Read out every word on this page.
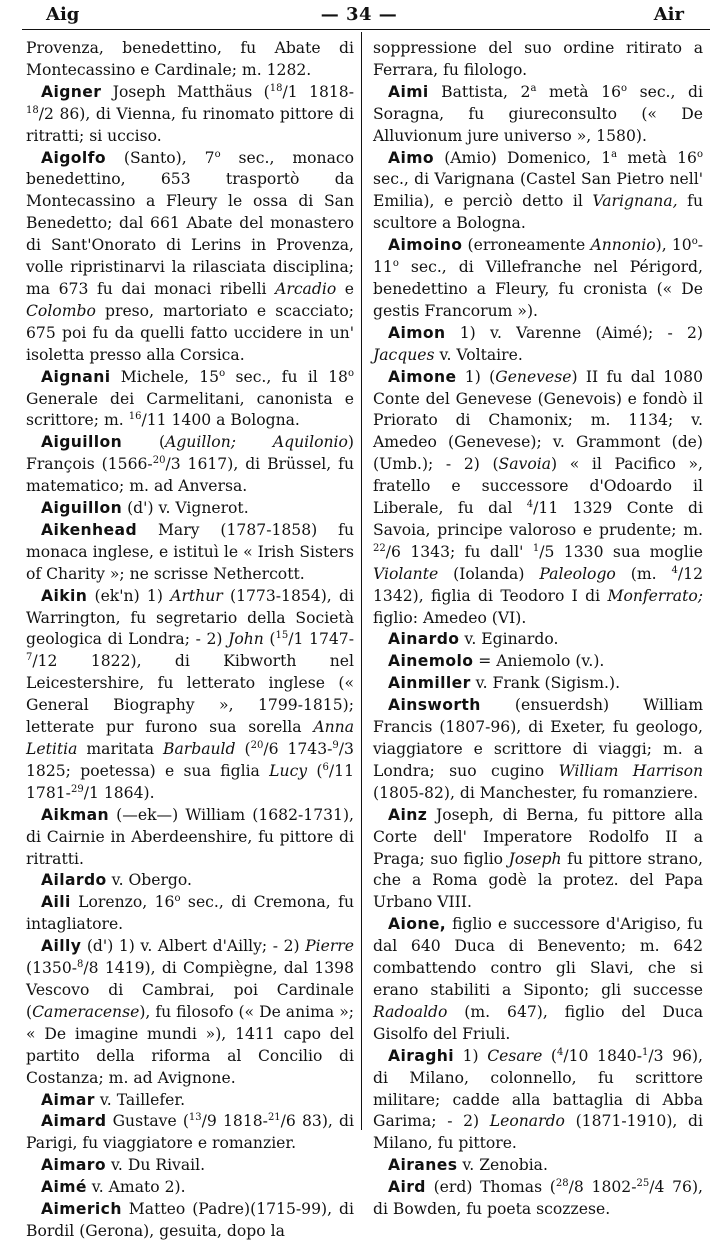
Aig	— 34 —	Air

Provenza, benedettino, fu Abate di Montecassino e Cardinale; m. 1282.

Aigner Joseph Matthäus ($^{18}$/1 1818-$^{18}$/2 86), di Vienna, fu rinomato pittore di ritratti; si ucciso.

Aigolfo (Santo), 7$^o$ sec., monaco benedettino, 653 trasportò da Montecassino a Fleury le ossa di San Benedetto; dal 661 Abate del monastero di Sant'Onorato di Lerins in Provenza, volle ripristinarvi la rilasciata disciplina; ma 673 fu dai monaci ribelli Arcadio e Colombo preso, martoriato e scacciato; 675 poi fu da quelli fatto uccidere in un' isoletta presso alla Corsica.

Aignani Michele, 15$^o$ sec., fu il 18$^o$ Generale dei Carmelitani, canonista e scrittore; m. $^{16}$/11 1400 a Bologna.

Aiguillon (Aguillon; Aquilonio) François (1566-$^{20}$/3 1617), di Brüssel, fu matematico; m. ad Anversa.

Aiguillon (d') v. Vignerot.

Aikenhead Mary (1787-1858) fu monaca inglese, e istituì le « Irish Sisters of Charity »; ne scrisse Nethercott.

Aikin (ek'n) 1) Arthur (1773-1854), di Warrington, fu segretario della Società geologica di Londra; - 2) John ($^{15}$/1 1747-$^7$/12 1822), di Kibworth nel Leicestershire, fu letterato inglese (« General Biography », 1799-1815); letterate pur furono sua sorella Anna Letitia maritata Barbauld ($^{20}$/6 1743-$^9$/3 1825; poetessa) e sua figlia Lucy ($^6$/11 1781-$^{29}$/1 1864).

Aikman (—ek—) William (1682-1731), di Cairnie in Aberdeenshire, fu pittore di ritratti.

Ailardo v. Obergo.

Aili Lorenzo, 16$^o$ sec., di Cremona, fu intagliatore.

Ailly (d') 1) v. Albert d'Ailly; - 2) Pierre (1350-$^8$/8 1419), di Compiègne, dal 1398 Vescovo di Cambrai, poi Cardinale (Cameracense), fu filosofo (« De anima »; « De imagine mundi »), 1411 capo del partito della riforma al Concilio di Costanza; m. ad Avignone.

Aimar v. Taillefer.

Aimard Gustave ($^{13}$/9 1818-$^{21}$/6 83), di Parigi, fu viaggiatore e romanzier.

Aimaro v. Du Rivail.

Aimé v. Amato 2).

Aimerich Matteo (Padre)(1715-99), di Bordil (Gerona), gesuita, dopo la

soppressione del suo ordine ritirato a Ferrara, fu filologo.

Aimi Battista, 2$^a$ metà 16$^o$ sec., di Soragna, fu giureconsulto (« De Alluvionum jure universo », 1580).

Aimo (Amio) Domenico, 1$^a$ metà 16$^o$ sec., di Varignana (Castel San Pietro nell' Emilia), e perciò detto il Varignana, fu scultore a Bologna.

Aimoino (erroneamente Annonio), 10$^o$-11$^o$ sec., di Villefranche nel Périgord, benedettino a Fleury, fu cronista (« De gestis Francorum »).

Aimon 1) v. Varenne (Aimé); - 2) Jacques v. Voltaire.

Aimone 1) (Genevese) II fu dal 1080 Conte del Genevese (Genevois) e fondò il Priorato di Chamonix; m. 1134; v. Amedeo (Genevese); v. Grammont (de) (Umb.); - 2) (Savoia) « il Pacifico », fratello e successore d'Odoardo il Liberale, fu dal $^4$/11 1329 Conte di Savoia, principe valoroso e prudente; m. $^{22}$/6 1343; fu dall' $^1$/5 1330 sua moglie Violante (Iolanda) Paleologo (m. $^4$/12 1342), figlia di Teodoro I di Monferrato; figlio: Amedeo (VI).

Ainardo v. Eginardo.

Ainemolo = Aniemolo (v.).

Ainmiller v. Frank (Sigism.).

Ainsworth (ensuerdsh) William Francis (1807-96), di Exeter, fu geologo, viaggiatore e scrittore di viaggi; m. a Londra; suo cugino William Harrison (1805-82), di Manchester, fu romanziere.

Ainz Joseph, di Berna, fu pittore alla Corte dell' Imperatore Rodolfo II a Praga; suo figlio Joseph fu pittore strano, che a Roma godè la protez. del Papa Urbano VIII.

Aione, figlio e successore d'Arigiso, fu dal 640 Duca di Benevento; m. 642 combattendo contro gli Slavi, che si erano stabiliti a Siponto; gli successe Radoaldo (m. 647), figlio del Duca Gisolfo del Friuli.

Airaghi 1) Cesare ($^4$/10 1840-$^1$/3 96), di Milano, colonnello, fu scrittore militare; cadde alla battaglia di Abba Garima; - 2) Leonardo (1871-1910), di Milano, fu pittore.

Airanes v. Zenobia.

Aird (erd) Thomas ($^{28}$/8 1802-$^{25}$/4 76), di Bowden, fu poeta scozzese.
